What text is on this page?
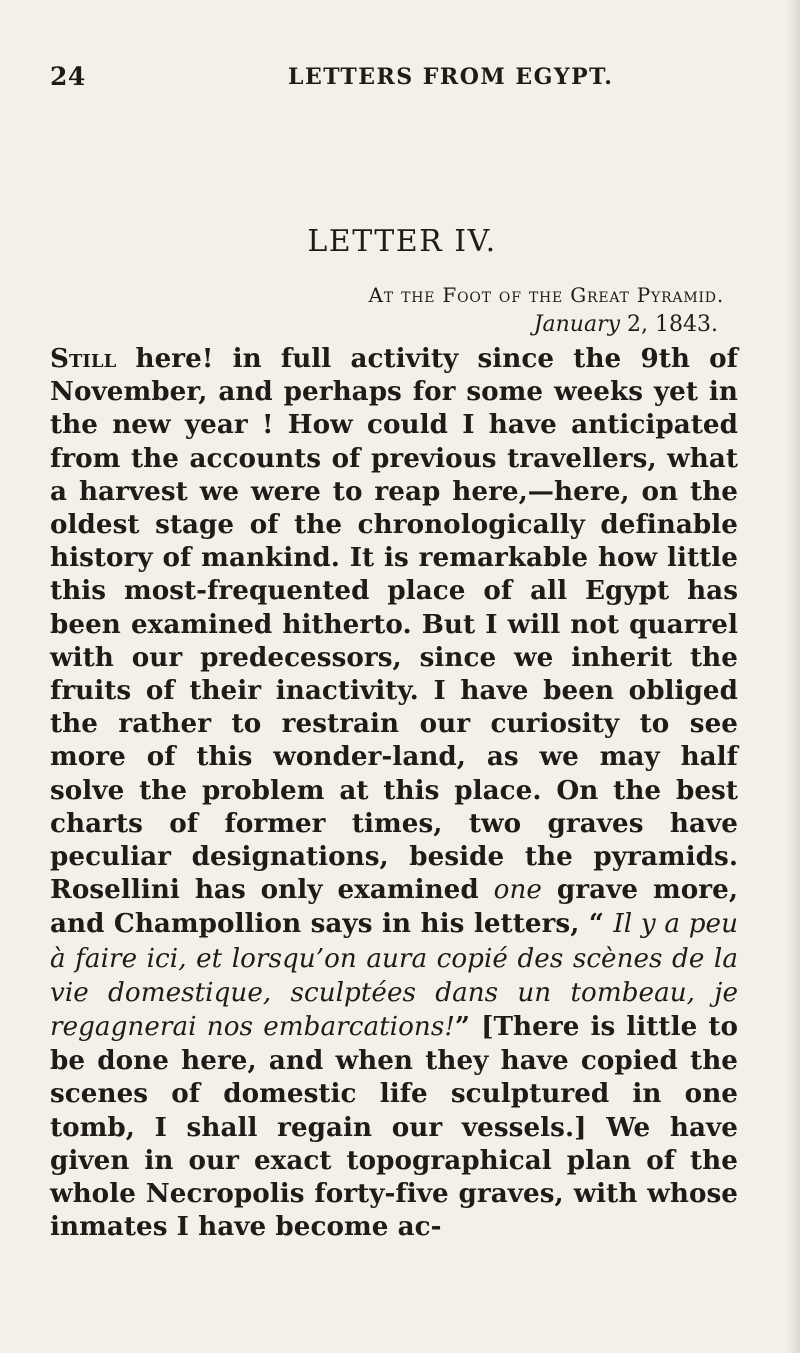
24	LETTERS FROM EGYPT.
LETTER IV.
At the Foot of the Great Pyramid.
January 2, 1843.
Still here! in full activity since the 9th of November, and perhaps for some weeks yet in the new year ! How could I have anticipated from the accounts of previous travellers, what a harvest we were to reap here,—here, on the oldest stage of the chronologically definable history of mankind. It is remarkable how little this most-frequented place of all Egypt has been examined hitherto. But I will not quarrel with our predecessors, since we inherit the fruits of their inactivity. I have been obliged the rather to restrain our curiosity to see more of this wonder-land, as we may half solve the problem at this place. On the best charts of former times, two graves have peculiar designations, beside the pyramids. Rosellini has only examined one grave more, and Champollion says in his letters, “ Il y a peu à faire ici, et lorsqu’on aura copié des scènes de la vie domestique, sculptées dans un tombeau, je regagnerai nos embarcations!” [There is little to be done here, and when they have copied the scenes of domestic life sculptured in one tomb, I shall regain our vessels.] We have given in our exact topographical plan of the whole Necropolis forty-five graves, with whose inmates I have become ac-
